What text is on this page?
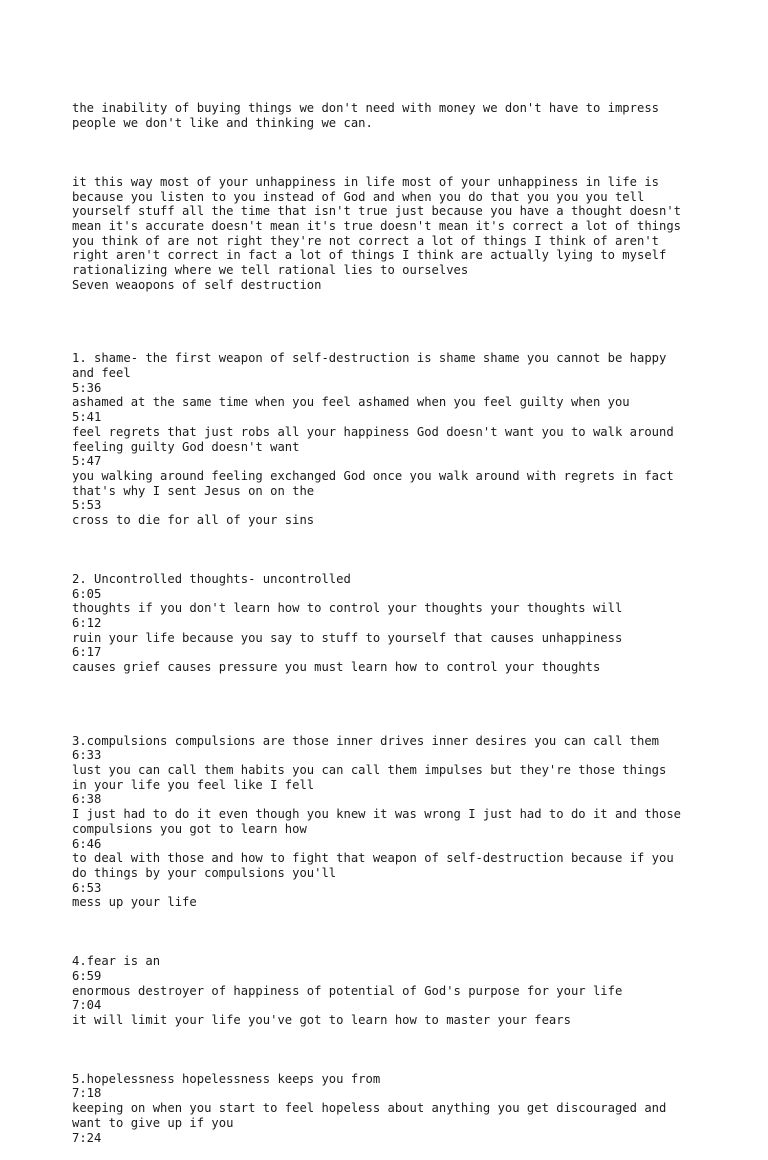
the inability of buying things we don't need with money we don't have to impress
people we don't like and thinking we can.

it this way most of your unhappiness in life most of your unhappiness in life is
because you listen to you instead of God and when you do that you you you tell
yourself stuff all the time that isn't true just because you have a thought doesn't
mean it's accurate doesn't mean it's true doesn't mean it's correct a lot of things
you think of are not right they're not correct a lot of things I think of aren't
right aren't correct in fact a lot of things I think are actually lying to myself
rationalizing where we tell rational lies to ourselves
Seven weaopons of self destruction

1. shame- the first weapon of self-destruction is shame shame you cannot be happy
and feel
5:36
ashamed at the same time when you feel ashamed when you feel guilty when you
5:41
feel regrets that just robs all your happiness God doesn't want you to walk around
feeling guilty God doesn't want
5:47
you walking around feeling exchanged God once you walk around with regrets in fact
that's why I sent Jesus on on the
5:53
cross to die for all of your sins

2. Uncontrolled thoughts- uncontrolled
6:05
thoughts if you don't learn how to control your thoughts your thoughts will
6:12
ruin your life because you say to stuff to yourself that causes unhappiness
6:17
causes grief causes pressure you must learn how to control your thoughts

3.compulsions compulsions are those inner drives inner desires you can call them
6:33
lust you can call them habits you can call them impulses but they're those things
in your life you feel like I fell
6:38
I just had to do it even though you knew it was wrong I just had to do it and those
compulsions you got to learn how
6:46
to deal with those and how to fight that weapon of self-destruction because if you
do things by your compulsions you'll
6:53
mess up your life

4.fear is an
6:59
enormous destroyer of happiness of potential of God's purpose for your life
7:04
it will limit your life you've got to learn how to master your fears

5.hopelessness hopelessness keeps you from
7:18
keeping on when you start to feel hopeless about anything you get discouraged and
want to give up if you
7:24
